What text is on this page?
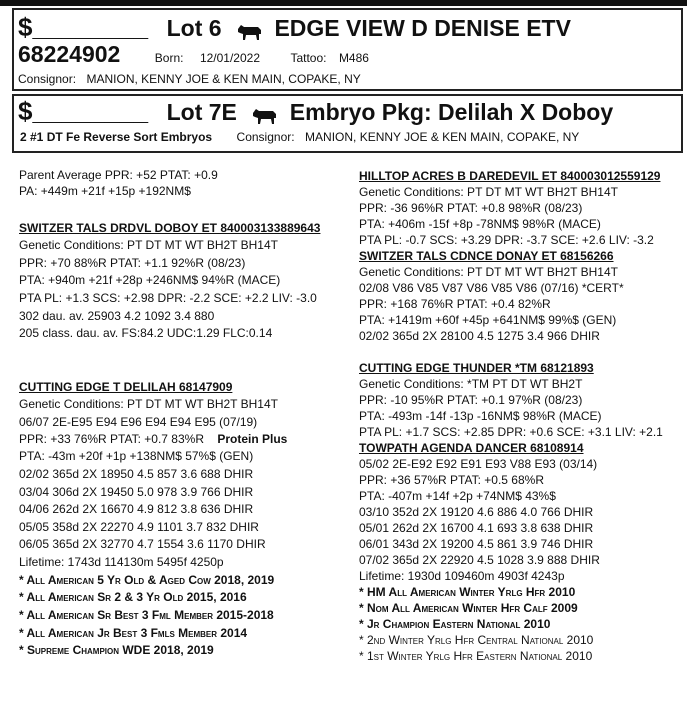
$________ Lot 6 EDGE VIEW D DENISE ETV
68224902	Born: 12/01/2022	Tattoo: M486
Consignor: MANION, KENNY JOE & KEN MAIN, COPAKE, NY
$________ Lot 7E Embryo Pkg: Delilah X Doboy
2 #1 DT Fe Reverse Sort Embryos Consignor: MANION, KENNY JOE & KEN MAIN, COPAKE, NY
Parent Average PPR: +52 PTAT: +0.9
PA: +449m +21f +15p +192NM$
SWITZER TALS DRDVL DOBOY ET 840003133889643
Genetic Conditions: PT DT MT WT BH2T BH14T
PPR: +70 88%R PTAT: +1.1 92%R (08/23)
PTA: +940m +21f +28p +246NM$ 94%R (MACE)
PTA PL: +1.3 SCS: +2.98 DPR: -2.2 SCE: +2.2 LIV: -3.0
302 dau. av. 25903 4.2 1092 3.4 880
205 class. dau. av. FS:84.2 UDC:1.29 FLC:0.14
CUTTING EDGE T DELILAH 68147909
Genetic Conditions: PT DT MT WT BH2T BH14T
06/07 2E-E95 E94 E96 E94 E94 E95 (07/19)
PPR: +33 76%R PTAT: +0.7 83%R Protein Plus
PTA: -43m +20f +1p +138NM$ 57%$ (GEN)
02/02 365d 2X 18950 4.5 857 3.6 688 DHIR
03/04 306d 2X 19450 5.0 978 3.9 766 DHIR
04/06 262d 2X 16670 4.9 812 3.8 636 DHIR
05/05 358d 2X 22270 4.9 1101 3.7 832 DHIR
06/05 365d 2X 32770 4.7 1554 3.6 1170 DHIR
Lifetime: 1743d 114130m 5495f 4250p
* All American 5 Yr Old & Aged Cow 2018, 2019
* All American Sr 2 & 3 Yr Old 2015, 2016
* All American Sr Best 3 Fml Member 2015-2018
* All American Jr Best 3 Fmls Member 2014
* Supreme Champion WDE 2018, 2019
HILLTOP ACRES B DAREDEVIL ET 840003012559129
Genetic Conditions: PT DT MT WT BH2T BH14T
PPR: -36 96%R PTAT: +0.8 98%R (08/23)
PTA: +406m -15f +8p -78NM$ 98%R (MACE)
PTA PL: -0.7 SCS: +3.29 DPR: -3.7 SCE: +2.6 LIV: -3.2
SWITZER TALS CDNCE DONAY ET 68156266
Genetic Conditions: PT DT MT WT BH2T BH14T
02/08 V86 V85 V87 V86 V85 V86 (07/16) *CERT*
PPR: +168 76%R PTAT: +0.4 82%R
PTA: +1419m +60f +45p +641NM$ 99%$ (GEN)
02/02 365d 2X 28100 4.5 1275 3.4 966 DHIR
CUTTING EDGE THUNDER *TM 68121893
Genetic Conditions: *TM PT DT WT BH2T
PPR: -10 95%R PTAT: +0.1 97%R (08/23)
PTA: -493m -14f -13p -16NM$ 98%R (MACE)
PTA PL: +1.7 SCS: +2.85 DPR: +0.6 SCE: +3.1 LIV: +2.1
TOWPATH AGENDA DANCER 68108914
05/02 2E-E92 E92 E91 E93 V88 E93 (03/14)
PPR: +36 57%R PTAT: +0.5 68%R
PTA: -407m +14f +2p +74NM$ 43%$
03/10 352d 2X 19120 4.6 886 4.0 766 DHIR
05/01 262d 2X 16700 4.1 693 3.8 638 DHIR
06/01 343d 2X 19200 4.5 861 3.9 746 DHIR
07/02 365d 2X 22920 4.5 1028 3.9 888 DHIR
Lifetime: 1930d 109460m 4903f 4243p
* HM All American Winter Yrlg Hfr 2010
* Nom All American Winter Hfr Calf 2009
* Jr Champion Eastern National 2010
* 2nd Winter Yrlg Hfr Central National 2010
* 1st Winter Yrlg Hfr Eastern National 2010
